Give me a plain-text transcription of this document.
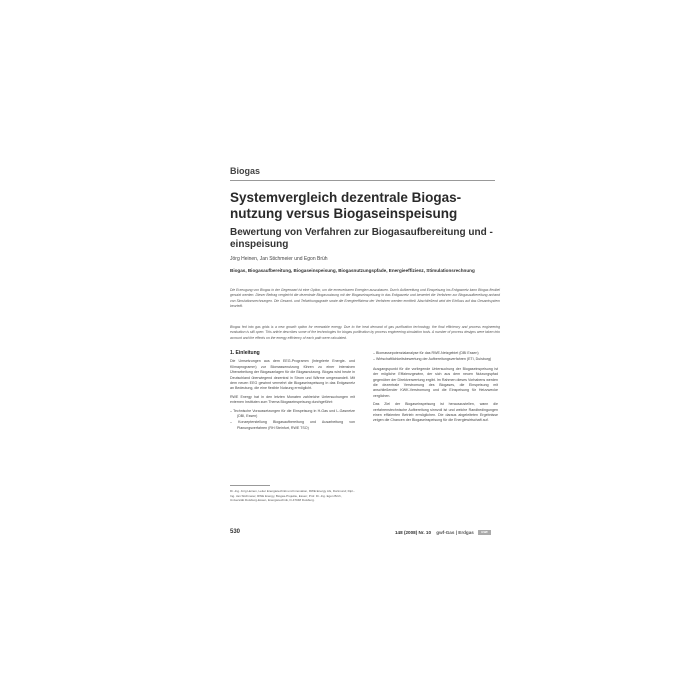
Biogas
Systemvergleich dezentrale Biogas-nutzung versus Biogaseinspeisung
Bewertung von Verfahren zur Biogasaufbereitung und -einspeisung
Jörg Heinen, Jan Stichmeier und Egon Brüh
Biogas, Biogasaufbereitung, Biogaseinspeisung, Biogasnutzungspfade, Energieeffizienz, Stimulationsrechnung
Die Erzeugung von Biogas in der Gegenwart ist eine Option, um die erneuerbaren Energien auszubauen. Durch Aufbereitung und Einspeisung ins Erdgasnetz kann Biogas flexibel genutzt werden. Dieser Beitrag vergleicht die dezentrale Biogasnutzung mit der Biogaseinspeisung in das Erdgasnetz und bewertet die Verfahren zur Biogasaufbereitung anhand von Simulationsrechnungen. Die Gesamt- und Teilwirkungsgrade sowie die Energieeffizienz der Verfahren werden ermittelt. Abschließend wird der Einfluss auf das Gesamtsystem beurteilt.
Biogas fed into gas grids is a new growth option for renewable energy. Due to the heat demand of gas purification technology, the final efficiency and process engineering evaluation is still open. This article describes some of the technologies for biogas purification by process engineering simulation tools. A number of process designs were taken into account and the effects on the energy efficiency of each path were calculated.
1. Einleitung
Die Umsetzungen aus dem EEG-Programm (Integrierte Energie- und Klimaprogramm) zur Biomassenutzung führen zu einer intensiven Überarbeitung der Biogasanlagen für die Biogasnutzung. Biogas wird heute in Deutschland überwiegend dezentral in Strom und Wärme umgewandelt. Mit dem neuen EEG gewinnt vermehrt die Biogaseinspeisung in das Erdgasnetz an Bedeutung, die eine flexible Nutzung ermöglicht.
RWE Energy hat in den letzten Monaten zahlreiche Untersuchungen mit externen Instituten zum Thema Biogaseinspeisung durchgeführt:
– Technische Voraussetzungen für die Einspeisung in H-Gas und L-Gasnetze (DBI, Essen)
– Konzepterstellung Biogasaufbereitung und Ausarbeitung von Planungsverfahren (RH Steinfurt, RWE TSO)
– Biomassepotenzialanalyse für das RWE-Netzgebiet (DBI Essen)
– Wirtschaftlichkeitsbewertung der Aufbereitungsverfahren (ETI, Duisburg)
Ausgangspunkt für die vorliegende Untersuchung der Biogaseinspeisung ist der mögliche Effizienzgewinn, der sich aus dem neuen Nutzungspfad gegenüber der Direktverwertung ergibt. Im Rahmen dieses Vorhabens werden die dezentrale Verstromung des Biogases, die Einspeisung mit anschließender KWK-Verstromung und die Einspeisung für Heizzwecke verglichen.
Das Ziel der Biogaseinspeisung ist herauszustellen, wann die verfahrenstechnische Aufbereitung sinnvoll ist und welche Randbedingungen einen effizienten Betrieb ermöglichen. Die daraus abgeleiteten Ergebnisse zeigen die Chancen der Biogaseinspeisung für die Energiewirtschaft auf.
Dr.-Ing. Jörg Heinen, Leiter Energietechnik und Innovation, RWE Energy AG, Dortmund; Dipl.-Ing. Jan Stichmeier, RWE Energy, Biogas-Projekte, Essen; Prof. Dr.-Ing. Egon Brüh, Universität Duisburg-Essen, Energietechnik, D-47048 Duisburg.
530	148 (2008) Nr. 10 gwf-Gas | Erdgas GWF
